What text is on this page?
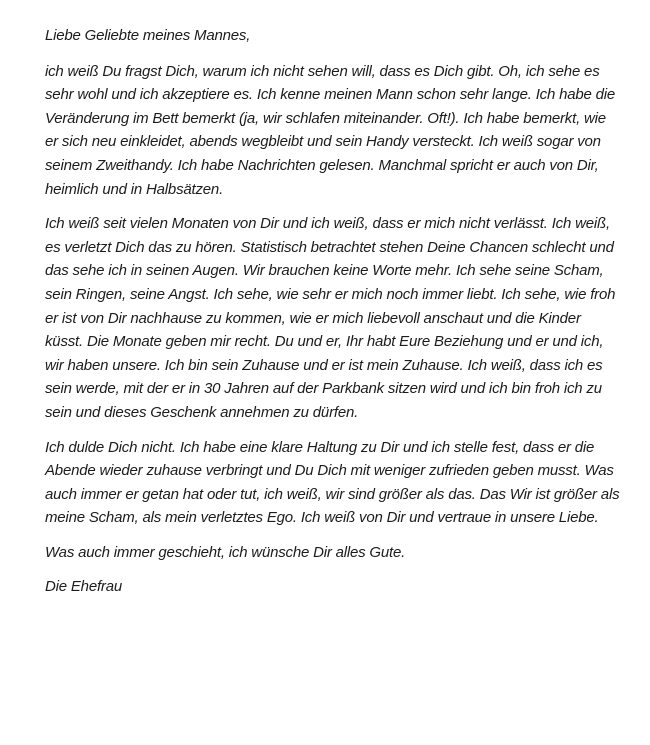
Liebe Geliebte meines Mannes,

ich weiß Du fragst Dich, warum ich nicht sehen will, dass es Dich gibt. Oh, ich sehe es sehr wohl und ich akzeptiere es. Ich kenne meinen Mann schon sehr lange. Ich habe die Veränderung im Bett bemerkt (ja, wir schlafen miteinander. Oft!). Ich habe bemerkt, wie er sich neu einkleidet, abends wegbleibt und sein Handy versteckt. Ich weiß sogar von seinem Zweithandy. Ich habe Nachrichten gelesen. Manchmal spricht er auch von Dir, heimlich und in Halbsätzen.

Ich weiß seit vielen Monaten von Dir und ich weiß, dass er mich nicht verlässt. Ich weiß, es verletzt Dich das zu hören. Statistisch betrachtet stehen Deine Chancen schlecht und das sehe ich in seinen Augen. Wir brauchen keine Worte mehr. Ich sehe seine Scham, sein Ringen, seine Angst. Ich sehe, wie sehr er mich noch immer liebt. Ich sehe, wie froh er ist von Dir nachhause zu kommen, wie er mich liebevoll anschaut und die Kinder küsst. Die Monate geben mir recht. Du und er, Ihr habt Eure Beziehung und er und ich, wir haben unsere. Ich bin sein Zuhause und er ist mein Zuhause. Ich weiß, dass ich es sein werde, mit der er in 30 Jahren auf der Parkbank sitzen wird und ich bin froh ich zu sein und dieses Geschenk annehmen zu dürfen.

Ich dulde Dich nicht. Ich habe eine klare Haltung zu Dir und ich stelle fest, dass er die Abende wieder zuhause verbringt und Du Dich mit weniger zufrieden geben musst. Was auch immer er getan hat oder tut, ich weiß, wir sind größer als das. Das Wir ist größer als meine Scham, als mein verletztes Ego. Ich weiß von Dir und vertraue in unsere Liebe.

Was auch immer geschieht, ich wünsche Dir alles Gute.

Die Ehefrau
